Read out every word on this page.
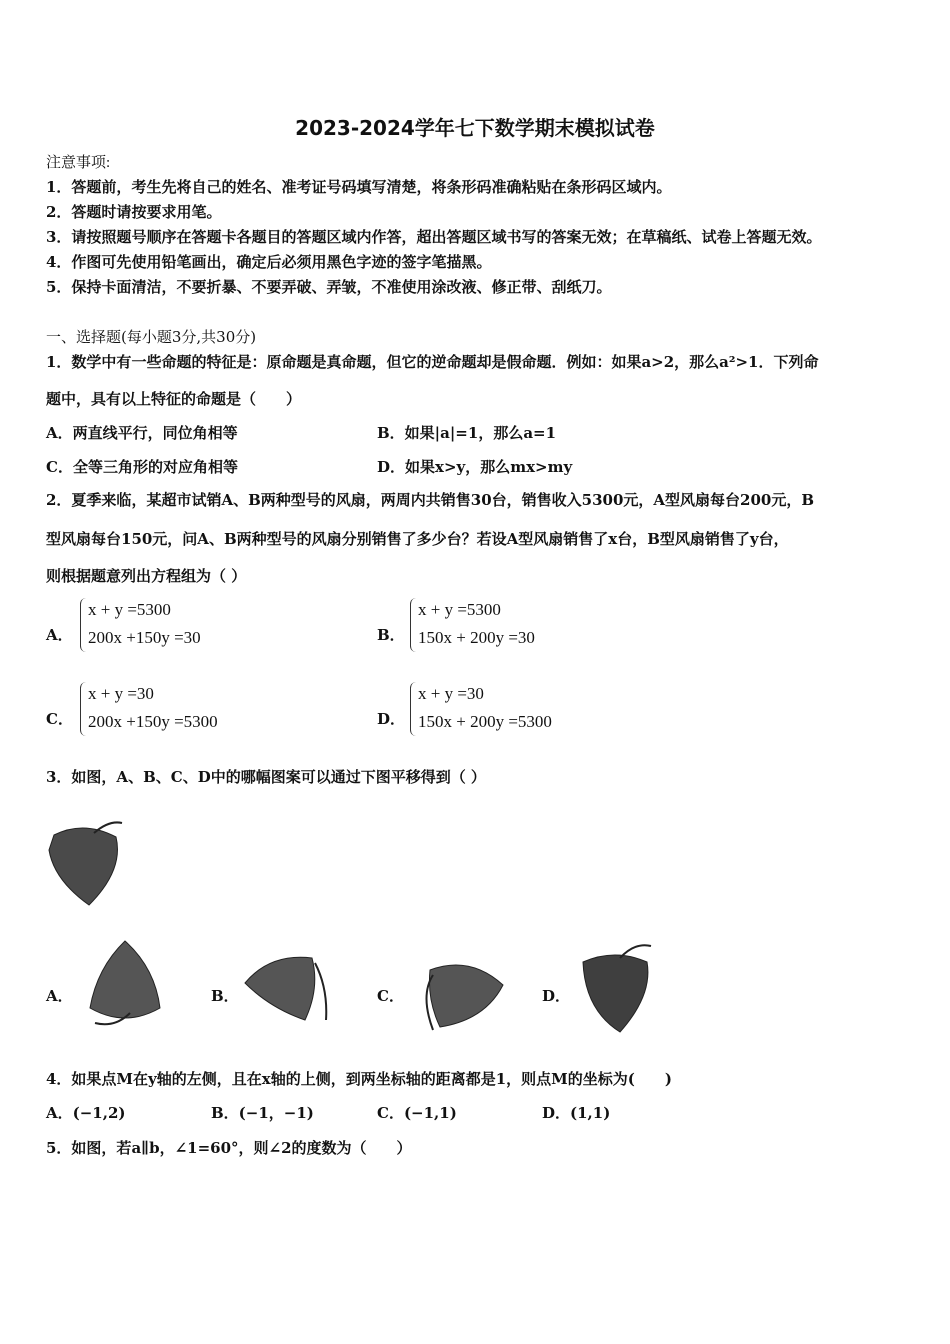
2023-2024学年七下数学期末模拟试卷
注意事项:
1．答题前，考生先将自己的姓名、准考证号码填写清楚，将条形码准确粘贴在条形码区域内。
2．答题时请按要求用笔。
3．请按照题号顺序在答题卡各题目的答题区域内作答，超出答题区域书写的答案无效；在草稿纸、试卷上答题无效。
4．作图可先使用铅笔画出，确定后必须用黑色字迹的签字笔描黑。
5．保持卡面清洁，不要折暴、不要弄破、弄皱，不准使用涂改液、修正带、刮纸刀。
一、选择题(每小题3分,共30分)
1．数学中有一些命题的特征是：原命题是真命题，但它的逆命题却是假命题．例如：如果a>2，那么a²>1．下列命
题中，具有以上特征的命题是（　　）
A．两直线平行，同位角相等	B．如果|a|=1，那么a=1
C．全等三角形的对应角相等	D．如果x>y，那么mx>my
2．夏季来临，某超市试销A、B两种型号的风扇，两周内共销售30台，销售收入5300元，A型风扇每台200元，B
型风扇每台150元，问A、B两种型号的风扇分别销售了多少台？若设A型风扇销售了x台，B型风扇销售了y台，
则根据题意列出方程组为（ ）
A．
x + y =5300
200x +150y =30	B．
x + y =5300
150x + 200y =30
C．
x + y =30
200x +150y =5300	D．
x + y =30
150x + 200y =5300
3．如图，A、B、C、D中的哪幅图案可以通过下图平移得到（ ）
A．	B．	C．	D．
4．如果点M在y轴的左侧，且在x轴的上侧，到两坐标轴的距离都是1，则点M的坐标为(　　)
A．(−1,2)	B．(−1，−1)	C．(−1,1)	D．(1,1)
5．如图，若a∥b，∠1=60°，则∠2的度数为（　　）
